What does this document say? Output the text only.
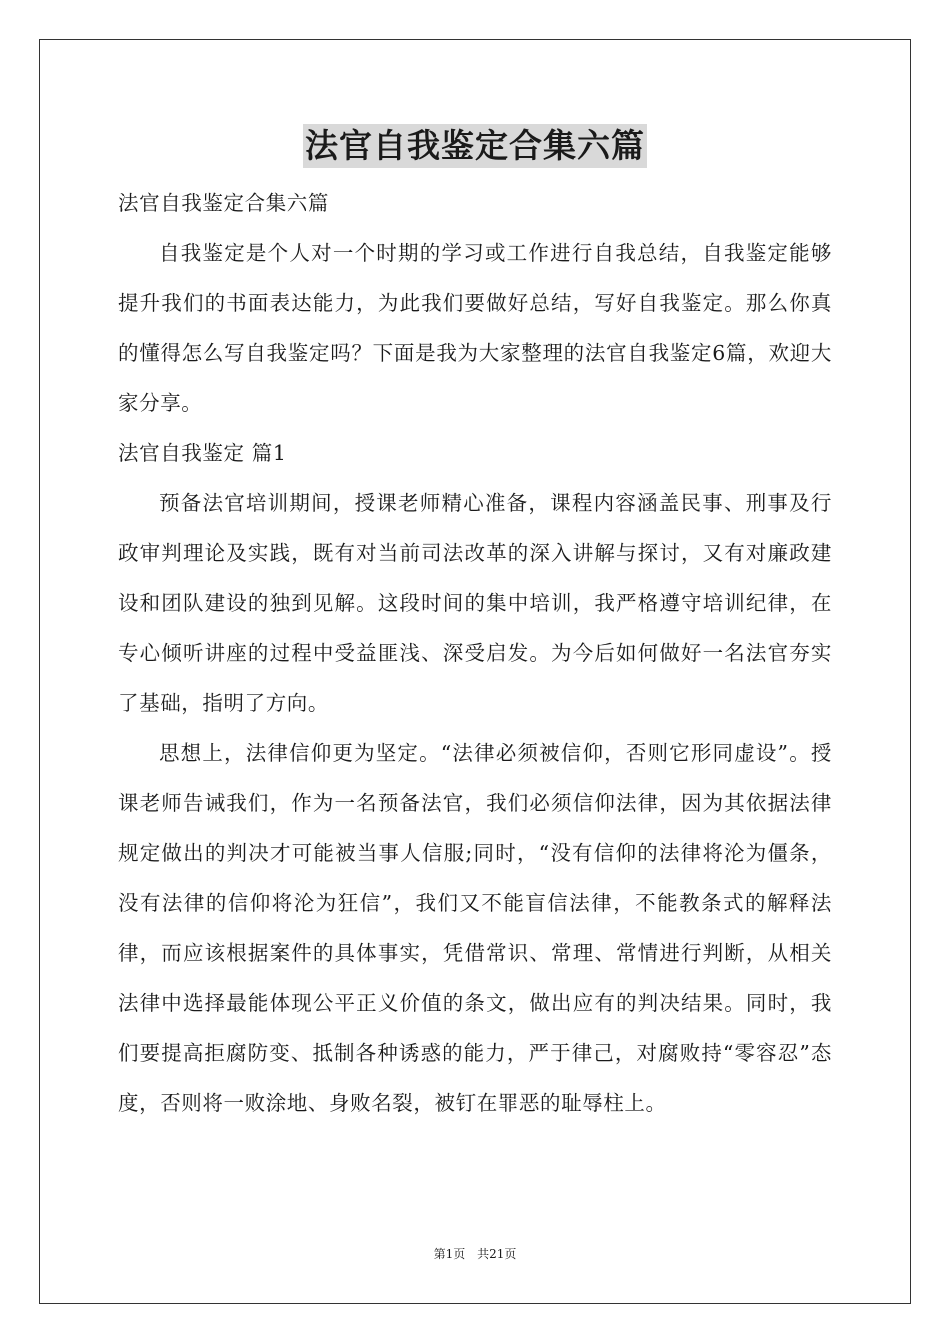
法官自我鉴定合集六篇

法官自我鉴定合集六篇

自我鉴定是个人对一个时期的学习或工作进行自我总结，自我鉴定能够提升我们的书面表达能力，为此我们要做好总结，写好自我鉴定。那么你真的懂得怎么写自我鉴定吗？下面是我为大家整理的法官自我鉴定6篇，欢迎大家分享。

法官自我鉴定 篇1

预备法官培训期间，授课老师精心准备，课程内容涵盖民事、刑事及行政审判理论及实践，既有对当前司法改革的深入讲解与探讨，又有对廉政建设和团队建设的独到见解。这段时间的集中培训，我严格遵守培训纪律，在专心倾听讲座的过程中受益匪浅、深受启发。为今后如何做好一名法官夯实了基础，指明了方向。

思想上，法律信仰更为坚定。“法律必须被信仰，否则它形同虚设”。授课老师告诫我们，作为一名预备法官，我们必须信仰法律，因为其依据法律规定做出的判决才可能被当事人信服;同时，“没有信仰的法律将沦为僵条，没有法律的信仰将沦为狂信”，我们又不能盲信法律，不能教条式的解释法律，而应该根据案件的具体事实，凭借常识、常理、常情进行判断，从相关法律中选择最能体现公平正义价值的条文，做出应有的判决结果。同时，我们要提高拒腐防变、抵制各种诱惑的能力，严于律己，对腐败持“零容忍”态度，否则将一败涂地、身败名裂，被钉在罪恶的耻辱柱上。

第1页 共21页
